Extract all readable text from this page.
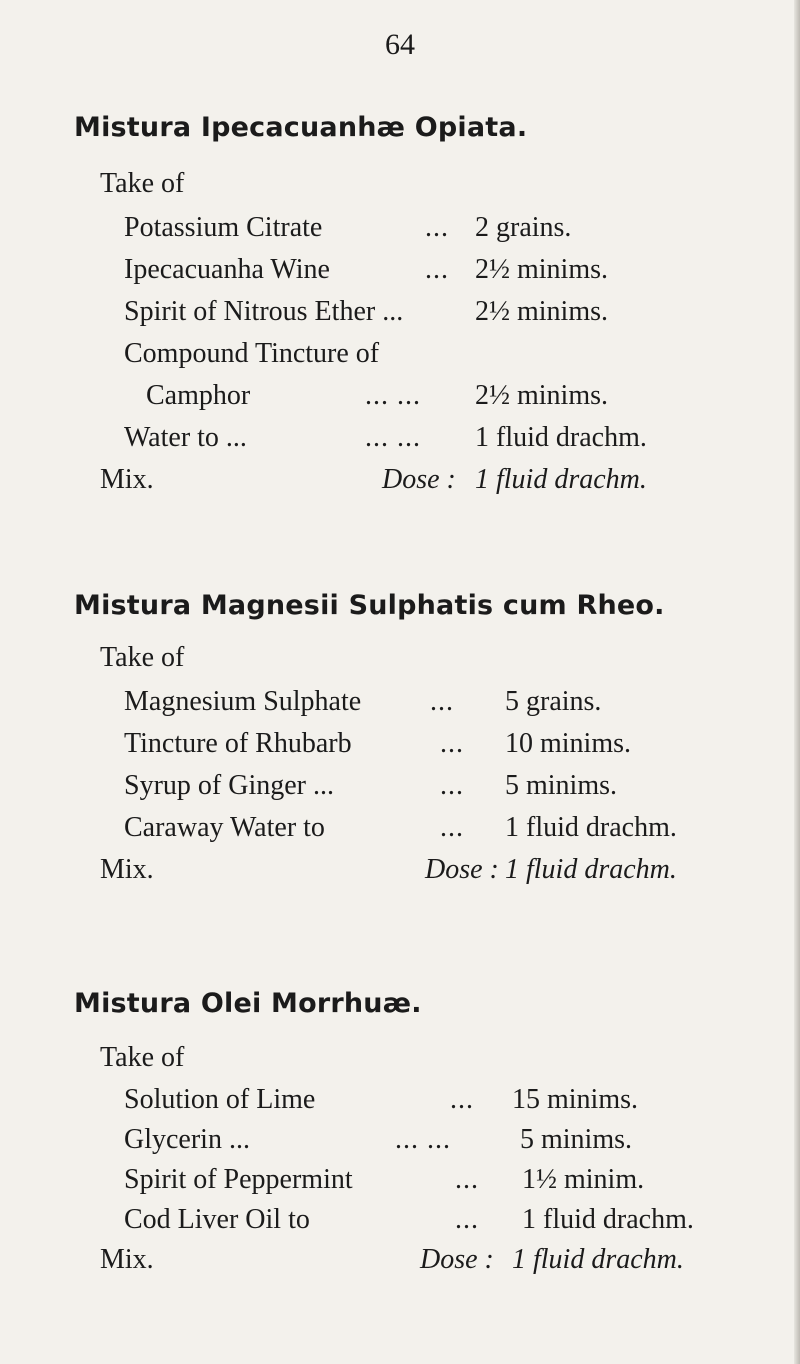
64
Mistura Ipecacuanhæ Opiata.
Take of
Potassium Citrate	... 2 grains.
Ipecacuanha Wine	... 2½ minims.
Spirit of Nitrous Ether ...	2½ minims.
Compound Tincture of
Camphor	... ... 2½ minims.
Water to ...	... ... 1 fluid drachm.
Mix.	Dose : 1 fluid drachm.
Mistura Magnesii Sulphatis cum Rheo.
Take of
Magnesium Sulphate ... 5 grains.
Tincture of Rhubarb	... 10 minims.
Syrup of Ginger ...	... 5 minims.
Caraway Water to	... 1 fluid drachm.
Mix.	Dose : 1 fluid drachm.
Mistura Olei Morrhuæ.
Take of
Solution of Lime	... 15 minims.
Glycerin ...	... ... 5 minims.
Spirit of Peppermint	... 1½ minim.
Cod Liver Oil to	... 1 fluid drachm.
Mix.	Dose : 1 fluid drachm.
